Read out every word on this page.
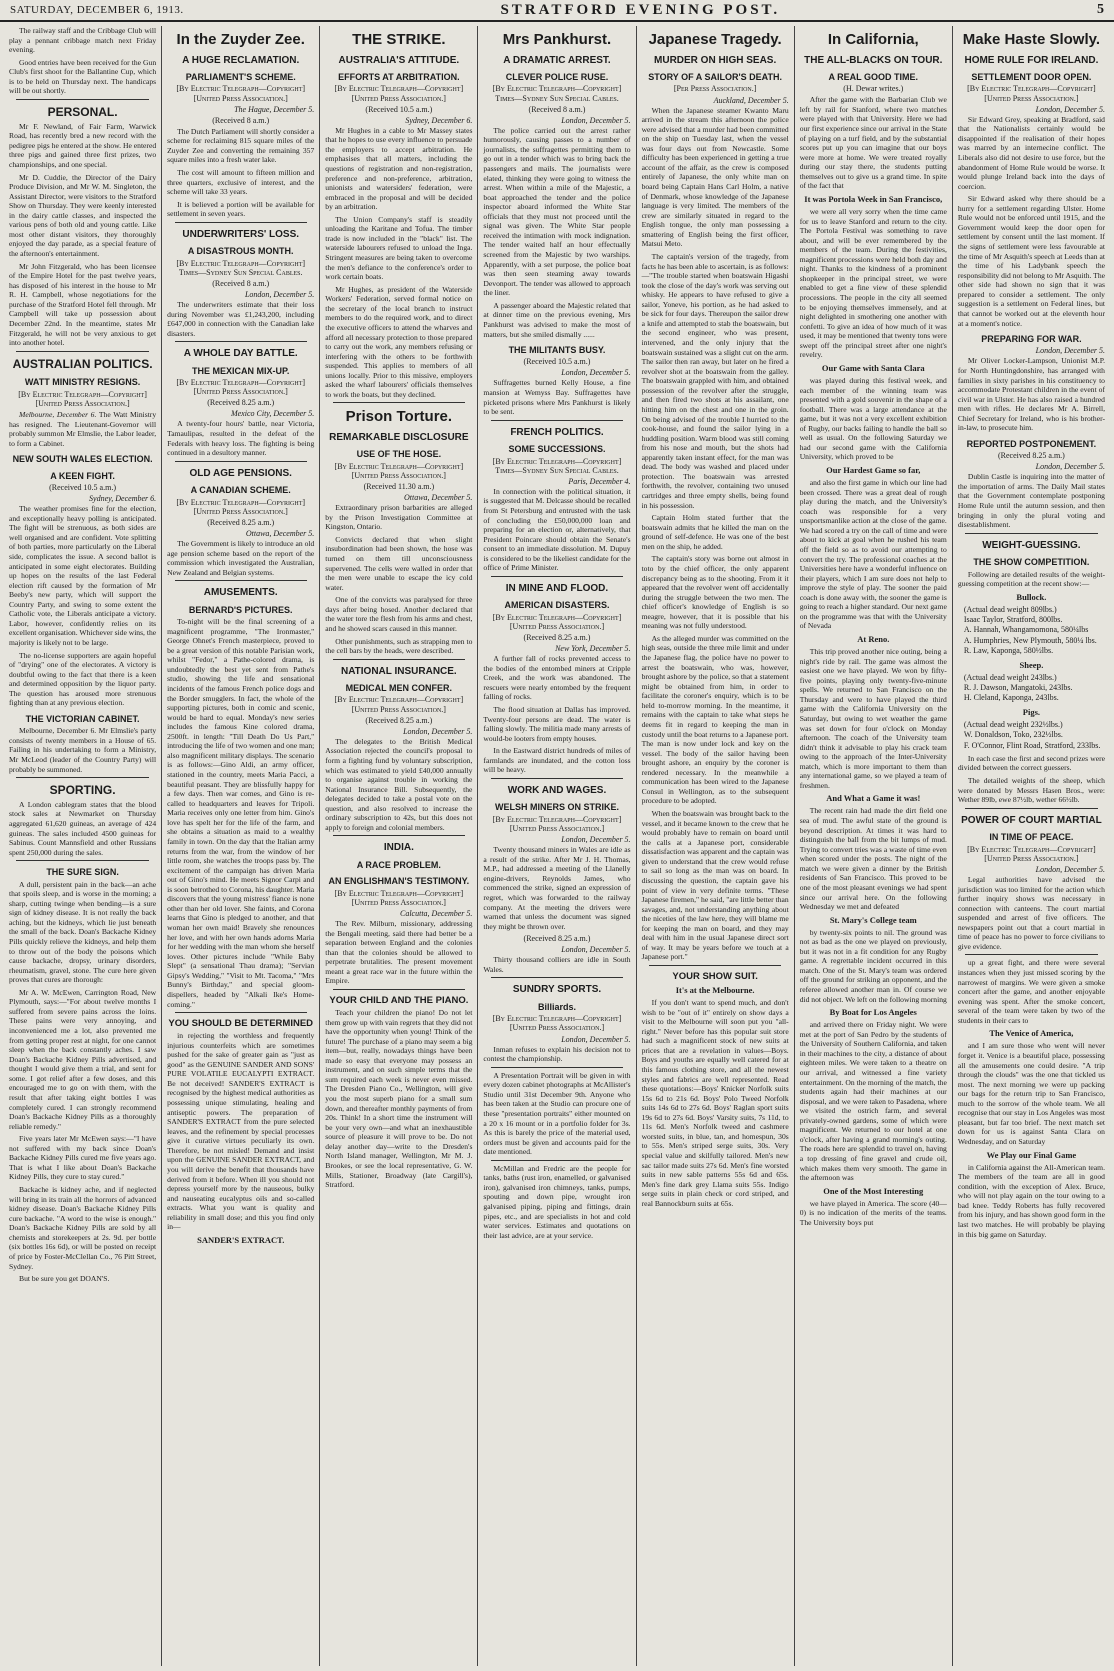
SATURDAY, DECEMBER 6, 1913.	STRATFORD EVENING POST.	5

The railway staff and the Cribbage Club will play a pennant cribbage match next Friday evening.

Good entries have been received for the Gun Club's first shoot for the Ballantine Cup, which is to be held on Thursday next. The handicaps will be out shortly.

PERSONAL.

Mr F. Newland, of Fair Farm, Warwick Road, has recently bred a new record with the pedigree pigs he entered at the show. He entered three pigs and gained three first prizes, two championships, and one special.

Mr D. Cuddie, the Director of the Dairy Produce Division, and Mr W. M. Singleton, the Assistant Director, were visitors to the Stratford Show on Thursday. They were keenly interested in the dairy cattle classes, and inspected the various pens of both old and young cattle. Like most other distant visitors, they thoroughly enjoyed the day parade, as a special feature of the afternoon's entertainment.

Mr John Fitzgerald, who has been licensee of the Empire Hotel for the past twelve years, has disposed of his interest in the house to Mr R. H. Campbell, whose negotiations for the purchase of the Stratford Hotel fell through. Mr Campbell will take up possession about December 22nd. In the meantime, states Mr Fitzgerald, he will not be very anxious to get into another hotel.

AUSTRALIAN POLITICS.
WATT MINISTRY RESIGNS.
[By Electric Telegraph—Copyright] [United Press Association.]

Melbourne, December 6. The Watt Ministry has resigned. The Lieutenant-Governor will probably summon Mr Elmslie, the Labor leader, to form a Cabinet.

NEW SOUTH WALES ELECTION.
A KEEN FIGHT.
(Received 10.5 a.m.)
Sydney, December 6.

The weather promises fine for the election, and exceptionally heavy polling is anticipated. The fight will be strenuous, as both sides are well organised and are confident. Vote splitting of both parties, more particularly on the Liberal side, complicates the issue. A second ballot is anticipated in some eight electorates. Building up hopes on the results of the last Federal election rift caused by the formation of Mr Beeby's new party, which will support the Country Party, and swing to some extent the Catholic vote, the Liberals anticipate a victory. Labor, however, confidently relies on its excellent organisation. Whichever side wins, the majority is likely not to be large.

The no-license supporters are again hopeful of "drying" one of the electorates. A victory is doubtful owing to the fact that there is a keen and determined opposition by the liquor party. The question has aroused more strenuous fighting than at any previous election.

THE VICTORIAN CABINET.

Melbourne, December 6. Mr Elmslie's party consists of twenty members in a House of 65. Failing in his undertaking to form a Ministry, Mr McLeod (leader of the Country Party) will probably be summoned.

SPORTING.

A London cablegram states that the blood stock sales at Newmarket on Thursday aggregated 61,620 guineas, an average of 424 guineas. The sales included 4500 guineas for Sabinus. Count Mannsfield and other Russians spent 250,000 during the sales.

THE SURE SIGN.

A dull, persistent pain in the back—an ache that spoils sleep, and is worse in the morning; a sharp, cutting twinge when bending—is a sure sign of kidney disease. It is not really the back aching, but the kidneys, which lie just beneath the small of the back. Doan's Backache Kidney Pills quickly relieve the kidneys, and help them to throw out of the body the poisons which cause backache, dropsy, urinary disorders, rheumatism, gravel, stone. The cure here given proves that cures are thorough:

Mr A. W. McEwen, Carrington Road, New Plymouth, says:—"For about twelve months I suffered from severe pains across the loins. These pains were very annoying, and inconvenienced me a lot, also prevented me from getting proper rest at night, for one cannot sleep when the back constantly aches. I saw Doan's Backache Kidney Pills advertised, and thought I would give them a trial, and sent for some. I got relief after a few doses, and this encouraged me to go on with them, with the result that after taking eight bottles I was completely cured. I can strongly recommend Doan's Backache Kidney Pills as a thoroughly reliable remedy."

Five years later Mr McEwen says:—"I have not suffered with my back since Doan's Backache Kidney Pills cured me five years ago. That is what I like about Doan's Backache Kidney Pills, they cure to stay cured."

Backache is kidney ache, and if neglected will bring in its train all the horrors of advanced kidney disease. Doan's Backache Kidney Pills cure backache. "A word to the wise is enough." Doan's Backache Kidney Pills are sold by all chemists and storekeepers at 2s. 9d. per bottle (six bottles 16s 6d), or will be posted on receipt of price by Foster-McClellan Co., 76 Pitt Street, Sydney.

But be sure you get DOAN'S.

In the Zuyder Zee.
A HUGE RECLAMATION.
PARLIAMENT'S SCHEME.
[By Electric Telegraph—Copyright] [United Press Association.]
The Hague, December 5.
(Received 8 a.m.)

The Dutch Parliament will shortly consider a scheme for reclaiming 815 square miles of the Zuyder Zee and converting the remaining 357 square miles into a fresh water lake.

The cost will amount to fifteen million and three quarters, exclusive of interest, and the scheme will take 33 years.

It is believed a portion will be available for settlement in seven years.

UNDERWRITERS' LOSS.
A DISASTROUS MONTH.
[By Electric Telegraph—Copyright] Times—Sydney Sun Special Cables.
(Received 8 a.m.)
London, December 5.

The underwriters estimate that their loss during November was £1,243,200, including £647,000 in connection with the Canadian lake disasters.

A WHOLE DAY BATTLE.
THE MEXICAN MIX-UP.
[By Electric Telegraph—Copyright] [United Press Association.]
(Received 8.25 a.m.)
Mexico City, December 5.

A twenty-four hours' battle, near Victoria, Tamaulipas, resulted in the defeat of the Federals with heavy loss. The fighting is being continued in a desultory manner.

OLD AGE PENSIONS.
A CANADIAN SCHEME.
[By Electric Telegraph—Copyright] [United Press Association.]
(Received 8.25 a.m.)
Ottawa, December 5.

The Government is likely to introduce an old age pension scheme based on the report of the commission which investigated the Australian, New Zealand and Belgian systems.

AMUSEMENTS.
BERNARD'S PICTURES.

To-night will be the final screening of a magnificent programme, "The Ironmaster," George Ohnet's French masterpiece, proved to be a great version of this notable Parisian work, whilst "Fedor," a Pathe-colored drama, is undoubtedly the best yet sent from Pathe's studio, showing the life and sensational incidents of the famous French police dogs and the Border smugglers. In fact, the whole of the supporting pictures, both in comic and scenic, would be hard to equal. Monday's new series includes the famous Kine colored drama, 2500ft. in length: "Till Death Do Us Part," introducing the life of two women and one man; also magnificent military displays. The scenario is as follows:—Gino Aldi, an army officer, stationed in the country, meets Maria Pacci, a beautiful peasant. They are blissfully happy for a few days. Then war comes, and Gino is re-called to headquarters and leaves for Tripoli. Maria receives only one letter from him. Gino's love has spelt her for the life of the farm, and she obtains a situation as maid to a wealthy family in town. On the day that the Italian army returns from the war, from the window of her little room, she watches the troops pass by. The excitement of the campaign has driven Maria out of Gino's mind. He meets Signor Carpi and is soon betrothed to Corona, his daughter. Maria discovers that the young mistress' fiance is none other than her old lover. She faints, and Corona learns that Gino is pledged to another, and that woman her own maid! Bravely she renounces her love, and with her own hands adorns Maria for her wedding with the man whom she herself loves. Other pictures include "While Baby Slept" (a sensational Thau drama); "Servian Gipsy's Wedding," "Visit to Mt. Tacoma," "Mrs Bunny's Birthday," and special gloom-dispellers, headed by "Alkali Ike's Home-coming."

YOU SHOULD BE DETERMINED

in rejecting the worthless and frequently injurious counterfeits which are sometimes pushed for the sake of greater gain as "just as good" as the GENUINE SANDER AND SONS' PURE VOLATILE EUCALYPTI EXTRACT. Be not deceived! SANDER'S EXTRACT is recognised by the highest medical authorities as possessing unique stimulating, healing and antiseptic powers. The preparation of SANDER'S EXTRACT from the pure selected leaves, and the refinement by special processes give it curative virtues peculiarly its own. Therefore, be not misled! Demand and insist upon the GENUINE SANDER EXTRACT, and you will derive the benefit that thousands have derived from it before. When ill you should not depress yourself more by the nauseous, bulky and nauseating eucalyptus oils and so-called extracts. What you want is quality and reliability in small dose; and this you find only in—

SANDER'S EXTRACT.
THE STRIKE.
AUSTRALIA'S ATTITUDE.
EFFORTS AT ARBITRATION.
[By Electric Telegraph—Copyright] [United Press Association.]
(Received 10.5 a.m.)
Sydney, December 6.

Mr Hughes in a cable to Mr Massey states that he hopes to use every influence to persuade the employers to accept arbitration. He emphasises that all matters, including the questions of registration and non-registration, preference and non-preference, arbitration, unionists and watersiders' federation, were embraced in the proposal and will be decided by an arbitration.

The Union Company's staff is steadily unloading the Karitane and Tofua. The timber trade is now included in the "black" list. The waterside labourers refused to unload the Inga. Stringent measures are being taken to overcome the men's defiance to the conference's order to work certain boats.

Mr Hughes, as president of the Waterside Workers' Federation, served formal notice on the secretary of the local branch to instruct members to do the required work, and to direct the executive officers to attend the wharves and afford all necessary protection to those prepared to carry out the work, any members refusing or interfering with the others to be forthwith suspended. This applies to members of all unions locally. Prior to this missive, employers asked the wharf labourers' officials themselves to work the boats, but they declined.

Prison Torture.
REMARKABLE DISCLOSURE
USE OF THE HOSE.
[By Electric Telegraph—Copyright] [United Press Association.]
(Received 11.30 a.m.)
Ottawa, December 5.

Extraordinary prison barbarities are alleged by the Prison Investigation Committee at Kingston, Ontario.

Convicts declared that when slight insubordination had been shown, the hose was turned on them till unconsciousness supervened. The cells were walled in order that the men were unable to escape the icy cold water.

One of the convicts was paralysed for three days after being hosed. Another declared that the water tore the flesh from his arms and chest, and he showed scars caused in this manner.

Other punishments, such as strapping men to the cell bars by the heads, were described.

NATIONAL INSURANCE.
MEDICAL MEN CONFER.
[By Electric Telegraph—Copyright] [United Press Association.]
(Received 8.25 a.m.)
London, December 5.

The delegates to the British Medical Association rejected the council's proposal to form a fighting fund by voluntary subscription, which was estimated to yield £40,000 annually to organise against trouble in working the National Insurance Bill. Subsequently, the delegates decided to take a postal vote on the question, and also resolved to increase the ordinary subscription to 42s, but this does not apply to foreign and colonial members.

INDIA.
A RACE PROBLEM.
AN ENGLISHMAN'S TESTIMONY.
[By Electric Telegraph—Copyright] [United Press Association.]
Calcutta, December 5.

The Rev. Milburn, missionary, addressing the Bengali meeting, said there had better be a separation between England and the colonies than that the colonies should be allowed to perpetrate brutalities. The present movement meant a great race war in the future within the Empire.

YOUR CHILD AND THE PIANO.

Teach your children the piano! Do not let them grow up with vain regrets that they did not have the opportunity when young! Think of the future! The purchase of a piano may seem a big item—but, really, nowadays things have been made so easy that everyone may possess an instrument, and on such simple terms that the sum required each week is never even missed. The Dresden Piano Co., Wellington, will give you the most superb piano for a small sum down, and thereafter monthly payments of from 20s. Think! In a short time the instrument will be your very own—and what an inexhaustible source of pleasure it will prove to be. Do not delay another day—write to the Dresden's North Island manager, Wellington, Mr M. J. Brookes, or see the local representative, G. W. Mills, Stationer, Broadway (late Cargill's), Stratford.

Mrs Pankhurst.
A DRAMATIC ARREST.
CLEVER POLICE RUSE.
[By Electric Telegraph—Copyright] Times—Sydney Sun Special Cables.
(Received 8 a.m.)
London, December 5.

The police carried out the arrest rather humorously, causing passes to a number of journalists, the suffragettes permitting them to go out in a tender which was to bring back the passengers and mails. The journalists were elated, thinking they were going to witness the arrest. When within a mile of the Majestic, a boat approached the tender and the police inspector aboard informed the White Star officials that they must not proceed until the signal was given. The White Star people received the intimation with mock indignation. The tender waited half an hour effectually screened from the Majestic by two warships. Apparently, with a set purpose, the police boat was then seen steaming away towards Devonport. The tender was allowed to approach the liner.

A passenger aboard the Majestic related that at dinner time on the previous evening, Mrs Pankhurst was advised to make the most of matters, but she smiled dismally ......

THE MILITANTS BUSY.
(Received 10.5 a.m.)
London, December 5.

Suffragettes burned Kelly House, a fine mansion at Wemyss Bay. Suffragettes have picketed prisons where Mrs Pankhurst is likely to be sent.

FRENCH POLITICS.
SOME SUCCESSIONS.
[By Electric Telegraph—Copyright] Times—Sydney Sun Special Cables.
Paris, December 4.

In connection with the political situation, it is suggested that M. Delcasse should be recalled from St Petersburg and entrusted with the task of concluding the £50,000,000 loan and preparing for an election or, alternatively, that President Poincare should obtain the Senate's consent to an immediate dissolution. M. Dupuy is considered to be the likeliest candidate for the office of Prime Minister.

IN MINE AND FLOOD.
AMERICAN DISASTERS.
[By Electric Telegraph—Copyright] [United Press Association.]
(Received 8.25 a.m.)
New York, December 5.

A further fall of rocks prevented access to the bodies of the entombed miners at Cripple Creek, and the work was abandoned. The rescuers were nearly entombed by the frequent falling of rocks.

The flood situation at Dallas has improved. Twenty-four persons are dead. The water is falling slowly. The militia made many arrests of would-be looters from empty houses.

In the Eastward district hundreds of miles of farmlands are inundated, and the cotton loss will be heavy.

WORK AND WAGES.
WELSH MINERS ON STRIKE.
[By Electric Telegraph—Copyright] [United Press Association.]
London, December 5.

Twenty thousand miners in Wales are idle as a result of the strike. After Mr J. H. Thomas, M.P., had addressed a meeting of the Llanelly engine-drivers, Reynolds James, who commenced the strike, signed an expression of regret, which was forwarded to the railway company. At the meeting the drivers were warned that unless the document was signed they might be thrown over.

(Received 8.25 a.m.)
London, December 5.

Thirty thousand colliers are idle in South Wales.

SUNDRY SPORTS.
Billiards.
[By Electric Telegraph—Copyright] [United Press Association.]
London, December 5.

Inman refuses to explain his decision not to contest the championship.

A Presentation Portrait will be given in with every dozen cabinet photographs at McAllister's Studio until 31st December 9th. Anyone who has been taken at the Studio can procure one of these "presentation portraits" either mounted on a 20 x 16 mount or in a portfolio folder for 3s. As this is barely the price of the material used, orders must be given and accounts paid for the date mentioned.

McMillan and Fredric are the people for tanks, baths (rust iron, enamelled, or galvanised iron), galvanised iron chimneys, tanks, pumps, spouting and down pipe, wrought iron galvanised piping, piping and fittings, drain pipes, etc., and are specialists in hot and cold water services. Estimates and quotations on their last advice, are at your service.

Japanese Tragedy.
MURDER ON HIGH SEAS.
STORY OF A SAILOR'S DEATH.
[Per Press Association.]
Auckland, December 5.

When the Japanese steamer Kwanto Maru arrived in the stream this afternoon the police were advised that a murder had been committed on the ship on Tuesday last, when the vessel was four days out from Newcastle. Some difficulty has been experienced in getting a true account of the affair, as the crew is composed entirely of Japanese, the only white man on board being Captain Hans Carl Holm, a native of Denmark, whose knowledge of the Japanese language is very limited. The members of the crew are similarly situated in regard to the English tongue, the only man possessing a smattering of English being the first officer, Matsui Meto.

The captain's version of the tragedy, from facts he has been able to ascertain, is as follows:—"The trouble started when boatswain Higashi took the close of the day's work was serving out whisky. He appears to have refused to give a sailor, Yoneve, his portion, as he had asked to be sick for four days. Thereupon the sailor drew a knife and attempted to stab the boatswain, but the second engineer, who was present, intervened, and the only injury that the boatswain sustained was a slight cut on the arm. The sailor then ran away, but later on he fired a revolver shot at the boatswain from the galley. The boatswain grappled with him, and obtained possession of the revolver after the struggle, and then fired two shots at his assailant, one hitting him on the chest and one in the groin. On being advised of the trouble I hurried to the cook-house, and found the sailor lying in a huddling position. Warm blood was still coming from his nose and mouth, but the shots had apparently taken instant effect, for the man was dead. The body was washed and placed under protection. The boatswain was arrested forthwith, the revolver, containing two unused cartridges and three empty shells, being found in his possession.

Captain Holm stated further that the boatswain admits that he killed the man on the ground of self-defence. He was one of the best men on the ship, he added.

The captain's story was borne out almost in toto by the chief officer, the only apparent discrepancy being as to the shooting. From it it appeared that the revolver went off accidentally during the struggle between the two men. The chief officer's knowledge of English is so meagre, however, that it is possible that his meaning was not fully understood.

As the alleged murder was committed on the high seas, outside the three mile limit and under the Japanese flag, the police have no power to arrest the boatswain, who was, however, brought ashore by the police, so that a statement might be obtained from him, in order to facilitate the coroner's enquiry, which is to be held to-morrow morning. In the meantime, it remains with the captain to take what steps he deems fit in regard to keeping the man in custody until the boat returns to a Japanese port. The man is now under lock and key on the vessel. The body of the sailor having been brought ashore, an enquiry by the coroner is rendered necessary. In the meanwhile a communication has been wired to the Japanese Consul in Wellington, as to the subsequent procedure to be adopted.

When the boatswain was brought back to the vessel, and it became known to the crew that he would probably have to remain on board until the calls at a Japanese port, considerable dissatisfaction was apparent and the captain was given to understand that the crew would refuse to sail so long as the man was on board. In discussing the question, the captain gave his point of view in very definite terms. "These Japanese firemen," he said, "are little better than savages, and, not understanding anything about the niceties of the law here, they will blame me for keeping the man on board, and they may deal with him in the usual Japanese direct sort of way. It may be years before we touch at a Japanese port."

YOUR SHOW SUIT.
It's at the Melbourne.

If you don't want to spend much, and don't wish to be "out of it" entirely on show days a visit to the Melbourne will soon put you "all-right." Never before has this popular suit store had such a magnificent stock of new suits at prices that are a revelation in values—Boys. Boys and youths are equally well catered for at this famous clothing store, and all the newest styles and fabrics are well represented. Read these quotations:—Boys' Knicker Norfolk suits 15s 6d to 21s 6d. Boys' Polo Tweed Norfolk suits 14s 6d to 27s 6d. Boys' Raglan sport suits 19s 6d to 27s 6d. Boys' Varsity suits, 7s 11d, to 11s 6d. Men's Norfolk tweed and cashmere worsted suits, in blue, tan, and homespun, 30s to 55s. Men's striped serge suits, 30s. Very special value and skilfully tailored. Men's new sac tailor made suits 27s 6d. Men's fine worsted suits in new sable patterns 55s 6d and 65s. Men's fine dark grey Llama suits 55s. Indigo serge suits in plain check or cord striped, and real Bannockburn suits at 65s.

In California,
THE ALL-BLACKS ON TOUR.
A REAL GOOD TIME.
(H. Dewar writes.)

After the game with the Barbarian Club we left by rail for Stanford, where two matches were played with that University. Here we had our first experience since our arrival in the State of playing on a turf field, and by the substantial scores put up you can imagine that our boys were more at home. We were treated royally during our stay there, the students putting themselves out to give us a grand time. In spite of the fact that

It was Portola Week in San Francisco,

we were all very sorry when the time came for us to leave Stanford and return to the city. The Portola Festival was something to rave about, and will be ever remembered by the members of the team. During the festivities, magnificent processions were held both day and night. Thanks to the kindness of a prominent shopkeeper in the principal street, we were enabled to get a fine view of these splendid processions. The people in the city all seemed to be enjoying themselves immensely, and at night delighted in smothering one another with confetti. To give an idea of how much of it was used, it may be mentioned that twenty tons were swept off the principal street after one night's revelry.

Our Game with Santa Clara

was played during this festival week, and each member of the winning team was presented with a gold souvenir in the shape of a football. There was a large attendance at the game, but it was not a very excellent exhibition of Rugby, our backs failing to handle the ball so well as usual. On the following Saturday we had our second game with the California University, which proved to be

Our Hardest Game so far,

and also the first game in which our line had been crossed. There was a great deal of rough play during the match, and the University's coach was responsible for a very unsportsmanlike action at the close of the game. We had scored a try on the call of time and were about to kick at goal when he rushed his team off the field so as to avoid our attempting to convert the try. The professional coaches at the Universities here have a wonderful influence on their players, which I am sure does not help to improve the style of play. The sooner the paid coach is done away with, the sooner the game is going to reach a higher standard. Our next game on the programme was that with the University of Nevada

At Reno.

This trip proved another nice outing, being a night's ride by rail. The game was almost the easiest one we have played. We won by fifty-five points, playing only twenty-five-minute spells. We returned to San Francisco on the Thursday and were to have played the third game with the California University on the Saturday, but owing to wet weather the game was set down for four o'clock on Monday afternoon. The coach of the University team didn't think it advisable to play his crack team owing to the approach of the Inter-University match, which is more important to them than any international game, so we played a team of freshmen.

And What a Game it was!

The recent rain had made the dirt field one sea of mud. The awful state of the ground is beyond description. At times it was hard to distinguish the ball from the bit lumps of mud. Trying to convert tries was a waste of time even when scored under the posts. The night of the match we were given a dinner by the British residents of San Francisco. This proved to be one of the most pleasant evenings we had spent since our arrival here. On the following Wednesday we met and defeated

St. Mary's College team

by twenty-six points to nil. The ground was not as bad as the one we played on previously, but it was not in a fit condition for any Rugby game. A regrettable incident occurred in this match. One of the St. Mary's team was ordered off the ground for striking an opponent, and the referee allowed another man in. Of course we did not object. We left on the following morning

By Boat for Los Angeles

and arrived there on Friday night. We were met at the port of San Pedro by the students of the University of Southern California, and taken in their machines to the city, a distance of about eighteen miles. We were taken to a theatre on our arrival, and witnessed a fine variety entertainment. On the morning of the match, the students again had their machines at our disposal, and we were taken to Pasadena, where we visited the ostrich farm, and several privately-owned gardens, some of which were magnificent. We returned to our hotel at one o'clock, after having a grand morning's outing. The roads here are splendid to travel on, having a top dressing of fine gravel and crude oil, which makes them very smooth. The game in the afternoon was

One of the Most Interesting

we have played in America. The score (40—0) is no indication of the merits of the teams. The University boys put

Make Haste Slowly.
HOME RULE FOR IRELAND.
SETTLEMENT DOOR OPEN.
[By Electric Telegraph—Copyright] [United Press Association.]
London, December 5.

Sir Edward Grey, speaking at Bradford, said that the Nationalists certainly would be disappointed if the realisation of their hopes was marred by an internecine conflict. The Liberals also did not desire to use force, but the abandonment of Home Rule would be worse. It would plunge Ireland back into the days of coercion.

Sir Edward asked why there should be a hurry for a settlement regarding Ulster. Home Rule would not be enforced until 1915, and the Government would keep the door open for settlement by consent until the last moment. If the signs of settlement were less favourable at the time of Mr Asquith's speech at Leeds than at the time of his Ladybank speech the responsibility did not belong to Mr Asquith. The other side had shown no sign that it was prepared to consider a settlement. The only suggestion is a settlement on Federal lines, but that cannot be worked out at the eleventh hour at a moment's notice.

PREPARING FOR WAR.
London, December 5.

Mr Oliver Locker-Lampson, Unionist M.P. for North Huntingdonshire, has arranged with families in sixty parishes in his constituency to accommodate Protestant children in the event of civil war in Ulster. He has also raised a hundred men with rifles. He declares Mr A. Birrell, Chief Secretary for Ireland, who is his brother-in-law, to prosecute him.

REPORTED POSTPONEMENT.
(Received 8.25 a.m.)
London, December 5.

Dublin Castle is inquiring into the matter of the importation of arms. The Daily Mail states that the Government contemplate postponing Home Rule until the autumn session, and then bringing in only the plural voting and disestablishment.

WEIGHT-GUESSING.
THE SHOW COMPETITION.

Following are detailed results of the weight-guessing competition at the recent show:—

Bullock.
(Actual dead weight 809lbs.)
Isaac Taylor, Stratford, 800lbs.
A. Hannah, Whangamomona, 580¼lbs
A. Humphries, New Plymouth, 580¼ lbs.
R. Law, Kaponga, 580½lbs.
Sheep.
(Actual dead weight 243lbs.)
R. J. Dawson, Mangatoki, 243lbs.
H. Cleland, Kaponga, 243lbs.
Pigs.
(Actual dead weight 232½lbs.)
W. Donaldson, Toko, 232½lbs.
F. O'Connor, Flint Road, Stratford, 233lbs.

In each case the first and second prizes were divided between the correct guessers.

The detailed weights of the sheep, which were donated by Messrs Hasen Bros., were: Wether 89lb, ewe 87½lb, wether 66½lb.

POWER OF COURT MARTIAL
IN TIME OF PEACE.
[By Electric Telegraph—Copyright] [United Press Association.]
London, December 5.

Legal authorities have advised the jurisdiction was too limited for the action which further inquiry shows was necessary in connection with canteens. The court martial suspended and arrest of five officers. The newspapers point out that a court martial in time of peace has no power to force civilians to give evidence.

up a great fight, and there were several instances when they just missed scoring by the narrowest of margins. We were given a smoke concert after the game, and another enjoyable evening was spent. After the smoke concert, several of the team were taken by two of the students in their cars to

The Venice of America,

and I am sure those who went will never forget it. Venice is a beautiful place, possessing all the amusements one could desire. "A trip through the clouds" was the one that tickled us most. The next morning we were up packing our bags for the return trip to San Francisco, much to the sorrow of the whole team. We all recognise that our stay in Los Angeles was most pleasant, but far too brief. The next match set down for us is against Santa Clara on Wednesday, and on Saturday

We Play our Final Game

in California against the All-American team. The members of the team are all in good condition, with the exception of Alex. Bruce, who will not play again on the tour owing to a bad knee. Teddy Roberts has fully recovered from his injury, and has shown good form in the last two matches. He will probably be playing in this big game on Saturday.
